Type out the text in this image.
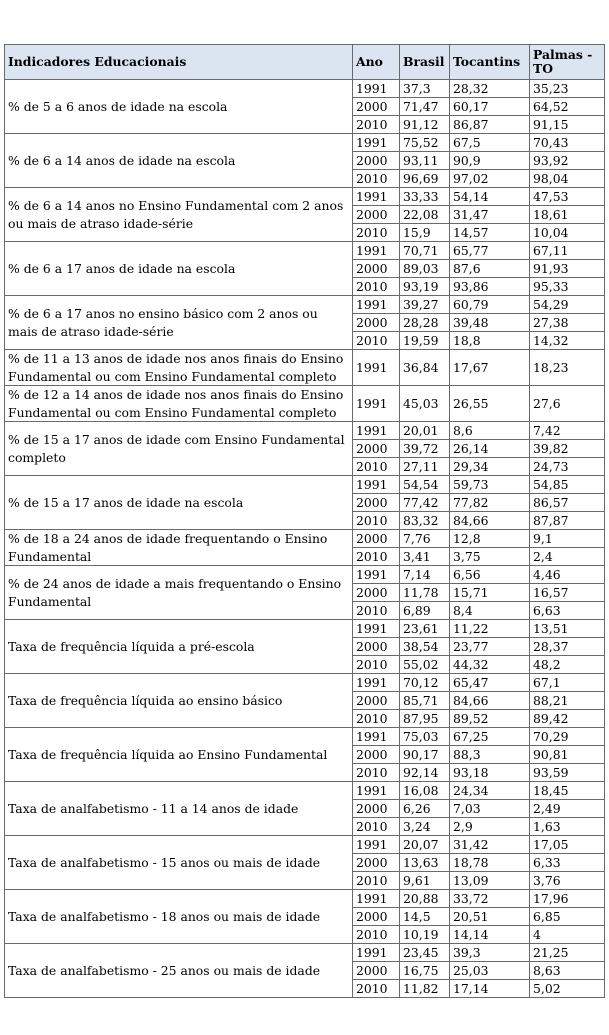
Indicadores Educacionais	Ano	Brasil	Tocantins	Palmas -TO
% de 5 a 6 anos de idade na escola	1991	37,3	28,32	35,23
	2000	71,47	60,17	64,52
	2010	91,12	86,87	91,15
% de 6 a 14 anos de idade na escola	1991	75,52	67,5	70,43
	2000	93,11	90,9	93,92
	2010	96,69	97,02	98,04
% de 6 a 14 anos no Ensino Fundamental com 2 anos ou mais de atraso idade-série	1991	33,33	54,14	47,53
	2000	22,08	31,47	18,61
	2010	15,9	14,57	10,04
% de 6 a 17 anos de idade na escola	1991	70,71	65,77	67,11
	2000	89,03	87,6	91,93
	2010	93,19	93,86	95,33
% de 6 a 17 anos no ensino básico com 2 anos ou mais de atraso idade-série	1991	39,27	60,79	54,29
	2000	28,28	39,48	27,38
	2010	19,59	18,8	14,32
% de 11 a 13 anos de idade nos anos finais do Ensino Fundamental ou com Ensino Fundamental completo	1991	36,84	17,67	18,23
% de 12 a 14 anos de idade nos anos finais do Ensino Fundamental ou com Ensino Fundamental completo	1991	45,03	26,55	27,6
% de 15 a 17 anos de idade com Ensino Fundamental completo	1991	20,01	8,6	7,42
	2000	39,72	26,14	39,82
	2010	27,11	29,34	24,73
% de 15 a 17 anos de idade na escola	1991	54,54	59,73	54,85
	2000	77,42	77,82	86,57
	2010	83,32	84,66	87,87
% de 18 a 24 anos de idade frequentando o Ensino Fundamental	2000	7,76	12,8	9,1
	2010	3,41	3,75	2,4
% de 24 anos de idade a mais frequentando o Ensino Fundamental	1991	7,14	6,56	4,46
	2000	11,78	15,71	16,57
	2010	6,89	8,4	6,63
Taxa de frequência líquida a pré-escola	1991	23,61	11,22	13,51
	2000	38,54	23,77	28,37
	2010	55,02	44,32	48,2
Taxa de frequência líquida ao ensino básico	1991	70,12	65,47	67,1
	2000	85,71	84,66	88,21
	2010	87,95	89,52	89,42
Taxa de frequência líquida ao Ensino Fundamental	1991	75,03	67,25	70,29
	2000	90,17	88,3	90,81
	2010	92,14	93,18	93,59
Taxa de analfabetismo - 11 a 14 anos de idade	1991	16,08	24,34	18,45
	2000	6,26	7,03	2,49
	2010	3,24	2,9	1,63
Taxa de analfabetismo - 15 anos ou mais de idade	1991	20,07	31,42	17,05
	2000	13,63	18,78	6,33
	2010	9,61	13,09	3,76
Taxa de analfabetismo - 18 anos ou mais de idade	1991	20,88	33,72	17,96
	2000	14,5	20,51	6,85
	2010	10,19	14,14	4
Taxa de analfabetismo - 25 anos ou mais de idade	1991	23,45	39,3	21,25
	2000	16,75	25,03	8,63
	2010	11,82	17,14	5,02
